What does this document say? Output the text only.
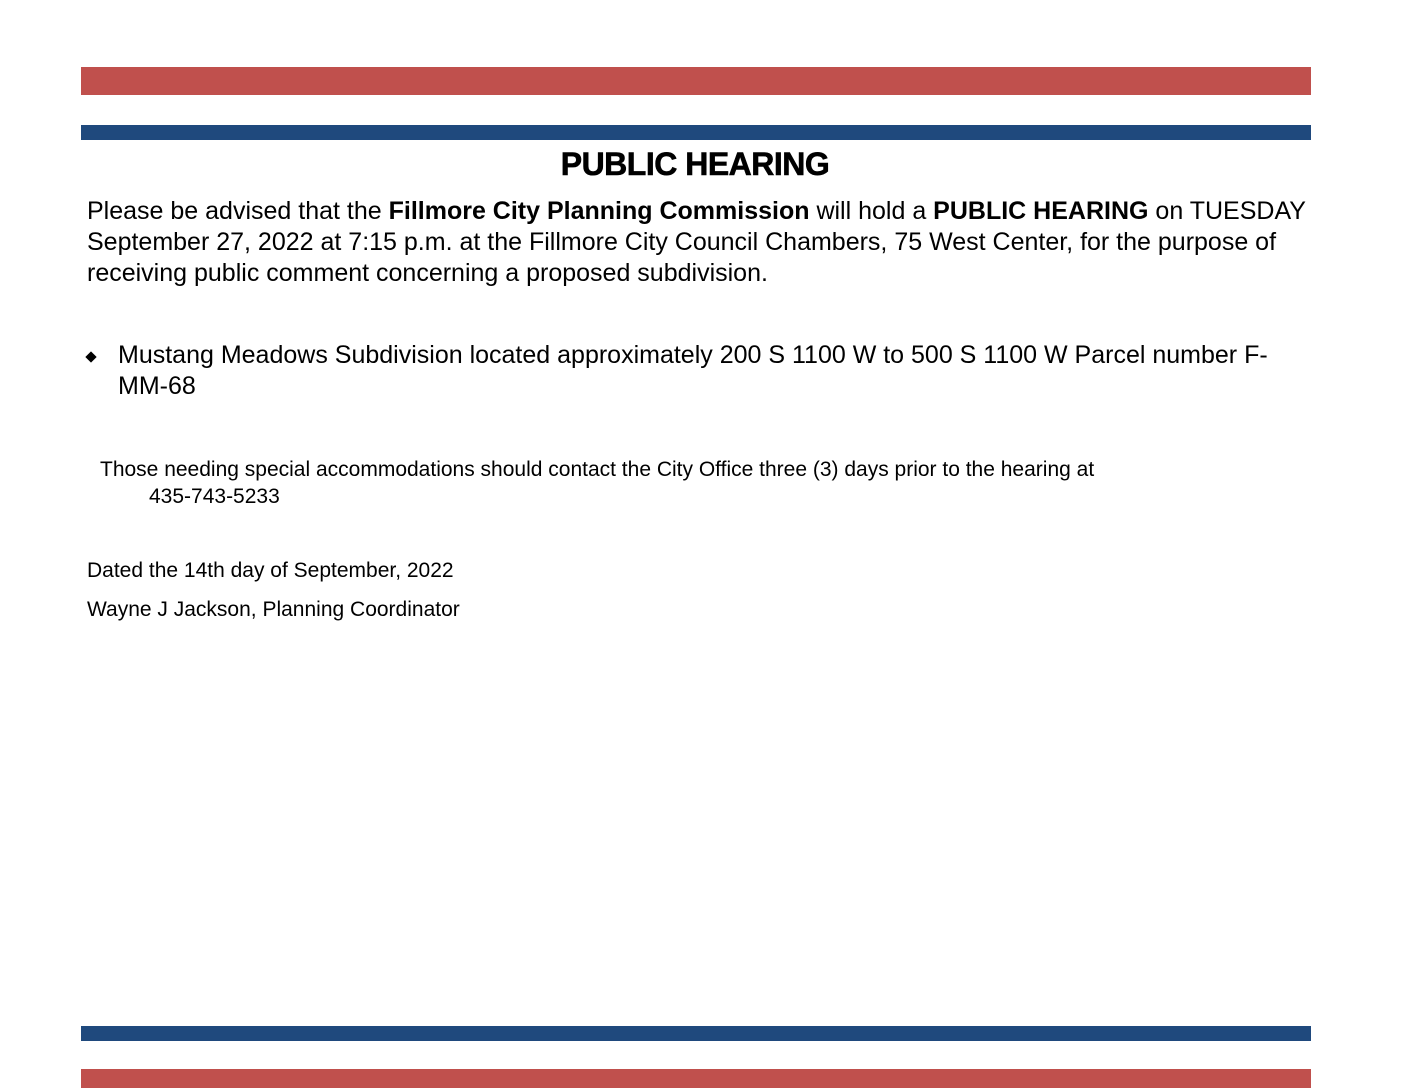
PUBLIC HEARING

Please be advised that the Fillmore City Planning Commission will hold a PUBLIC HEARING on TUESDAY September 27, 2022 at 7:15 p.m. at the Fillmore City Council Chambers, 75 West Center, for the purpose of receiving public comment concerning a proposed subdivision.

Mustang Meadows Subdivision located approximately 200 S 1100 W to 500 S 1100 W Parcel number F-MM-68

Those needing special accommodations should contact the City Office three (3) days prior to the hearing at
435-743-5233

Dated the 14th day of September, 2022

Wayne J Jackson, Planning Coordinator
